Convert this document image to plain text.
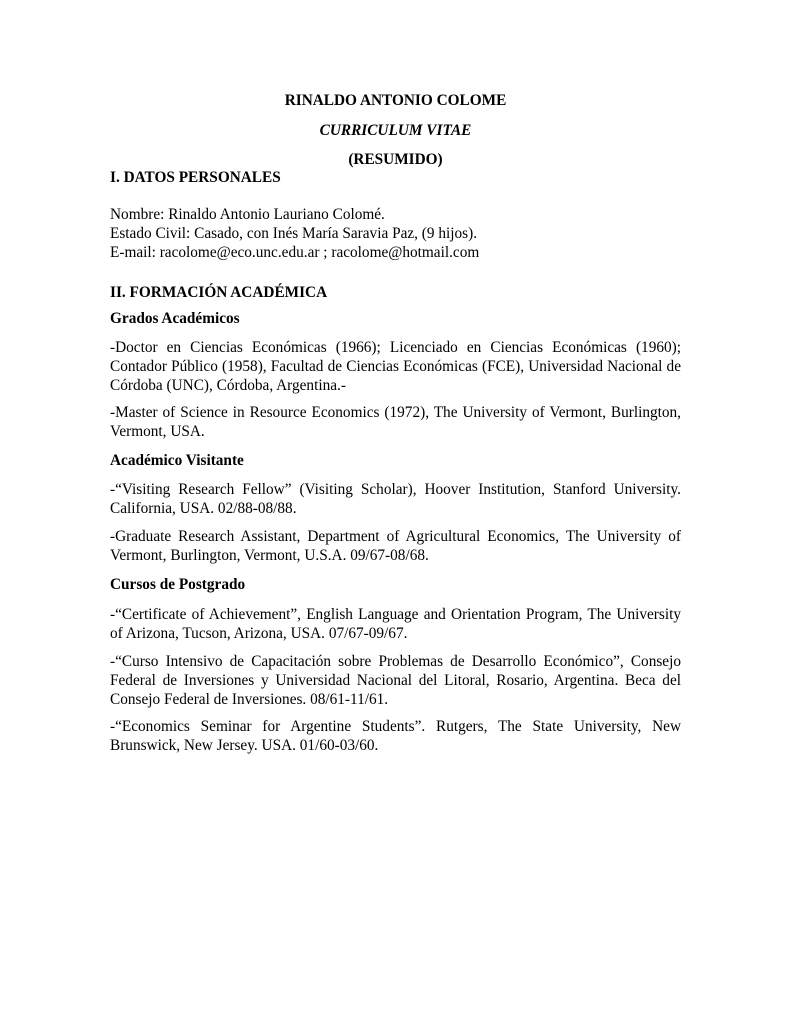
RINALDO ANTONIO COLOME
CURRICULUM VITAE
(RESUMIDO)
I. DATOS PERSONALES
Nombre: Rinaldo Antonio Lauriano Colomé.
Estado Civil: Casado, con Inés María Saravia Paz, (9 hijos).
E-mail: racolome@eco.unc.edu.ar ; racolome@hotmail.com
II. FORMACIÓN ACADÉMICA
Grados Académicos

-Doctor en Ciencias Económicas (1966); Licenciado en Ciencias Económicas (1960); Contador Público (1958), Facultad de Ciencias Económicas (FCE), Universidad Nacional de Córdoba (UNC), Córdoba, Argentina.-

-Master of Science in Resource Economics (1972), The University of Vermont, Burlington, Vermont, USA.

Académico Visitante

-“Visiting Research Fellow” (Visiting Scholar), Hoover Institution, Stanford University. California, USA. 02/88-08/88.

-Graduate Research Assistant, Department of Agricultural Economics, The University of Vermont, Burlington, Vermont, U.S.A. 09/67-08/68.

Cursos de Postgrado

-“Certificate of Achievement”, English Language and Orientation Program, The University of Arizona, Tucson, Arizona, USA. 07/67-09/67.

-“Curso Intensivo de Capacitación sobre Problemas de Desarrollo Económico”, Consejo Federal de Inversiones y Universidad Nacional del Litoral, Rosario, Argentina. Beca del Consejo Federal de Inversiones. 08/61-11/61.

-“Economics Seminar for Argentine Students”. Rutgers, The State University, New Brunswick, New Jersey. USA. 01/60-03/60.
